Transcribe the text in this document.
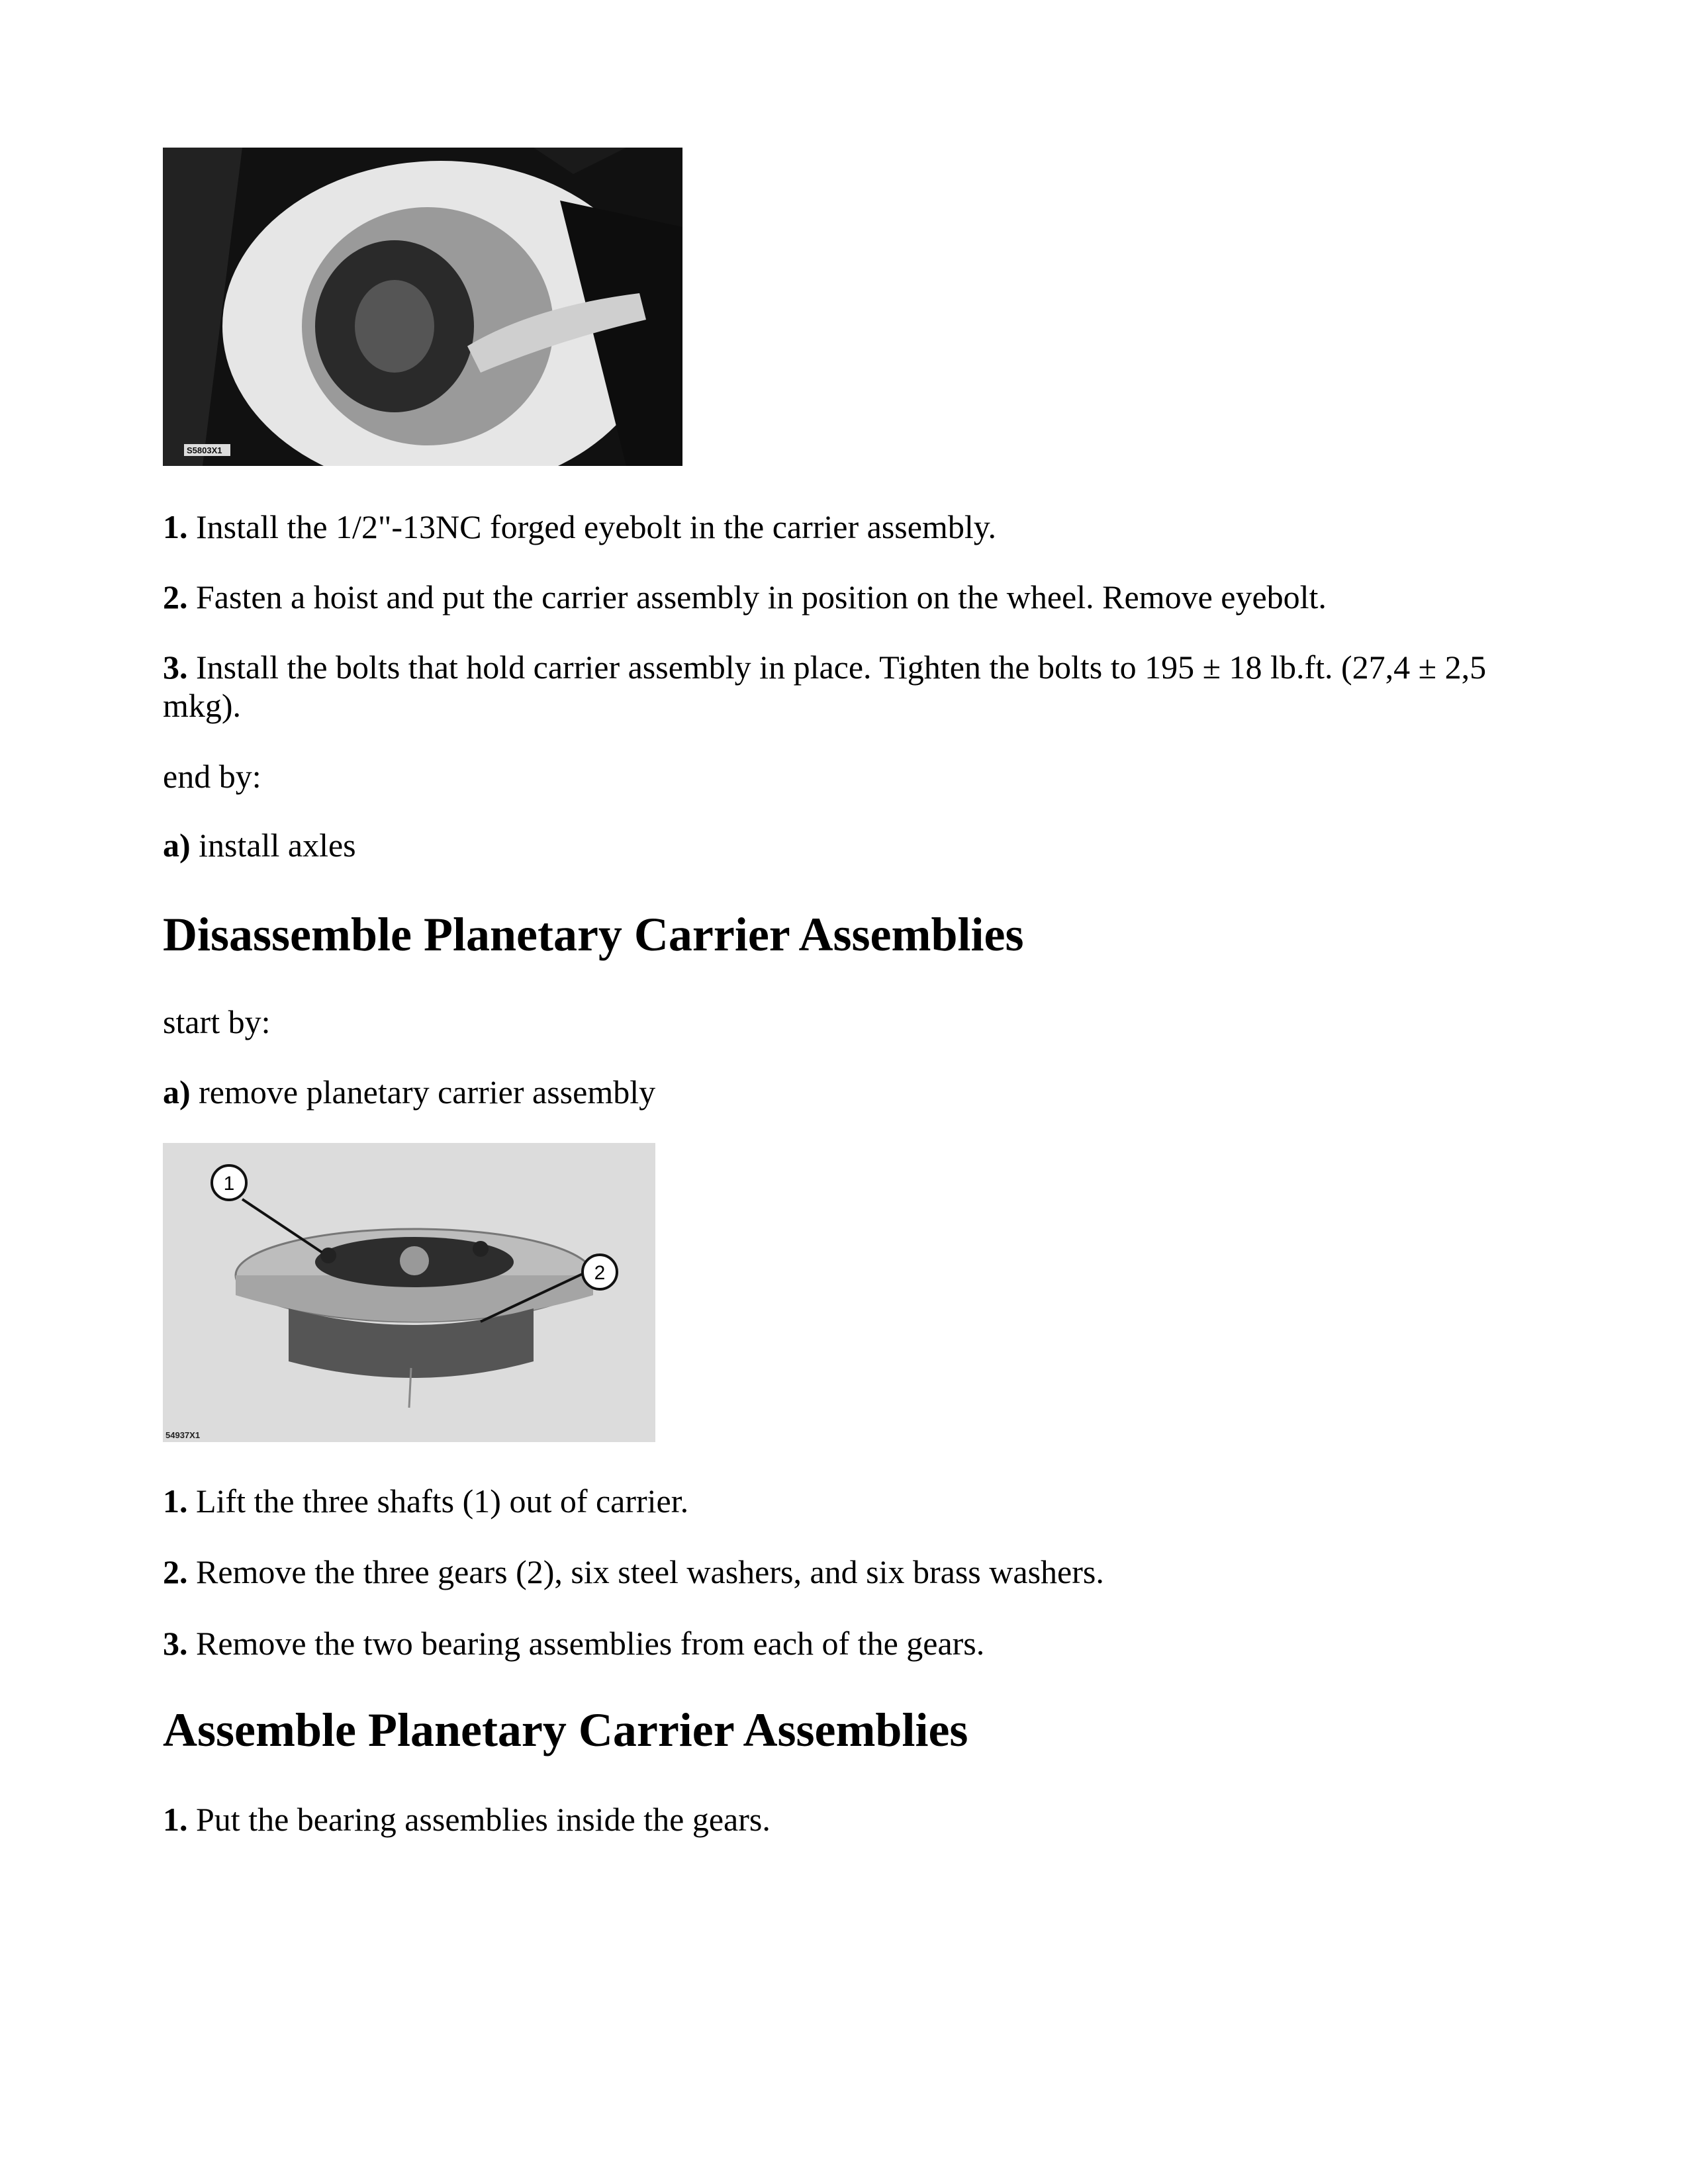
S5803X1
1. Install the 1/2"-13NC forged eyebolt in the carrier assembly.
2. Fasten a hoist and put the carrier assembly in position on the wheel. Remove eyebolt.
3. Install the bolts that hold carrier assembly in place. Tighten the bolts to 195 ± 18 lb.ft. (27,4 ± 2,5
mkg).
end by:
a) install axles
Disassemble Planetary Carrier Assemblies
start by:
a) remove planetary carrier assembly
1
2
54937X1
1. Lift the three shafts (1) out of carrier.
2. Remove the three gears (2), six steel washers, and six brass washers.
3. Remove the two bearing assemblies from each of the gears.
Assemble Planetary Carrier Assemblies
1. Put the bearing assemblies inside the gears.
